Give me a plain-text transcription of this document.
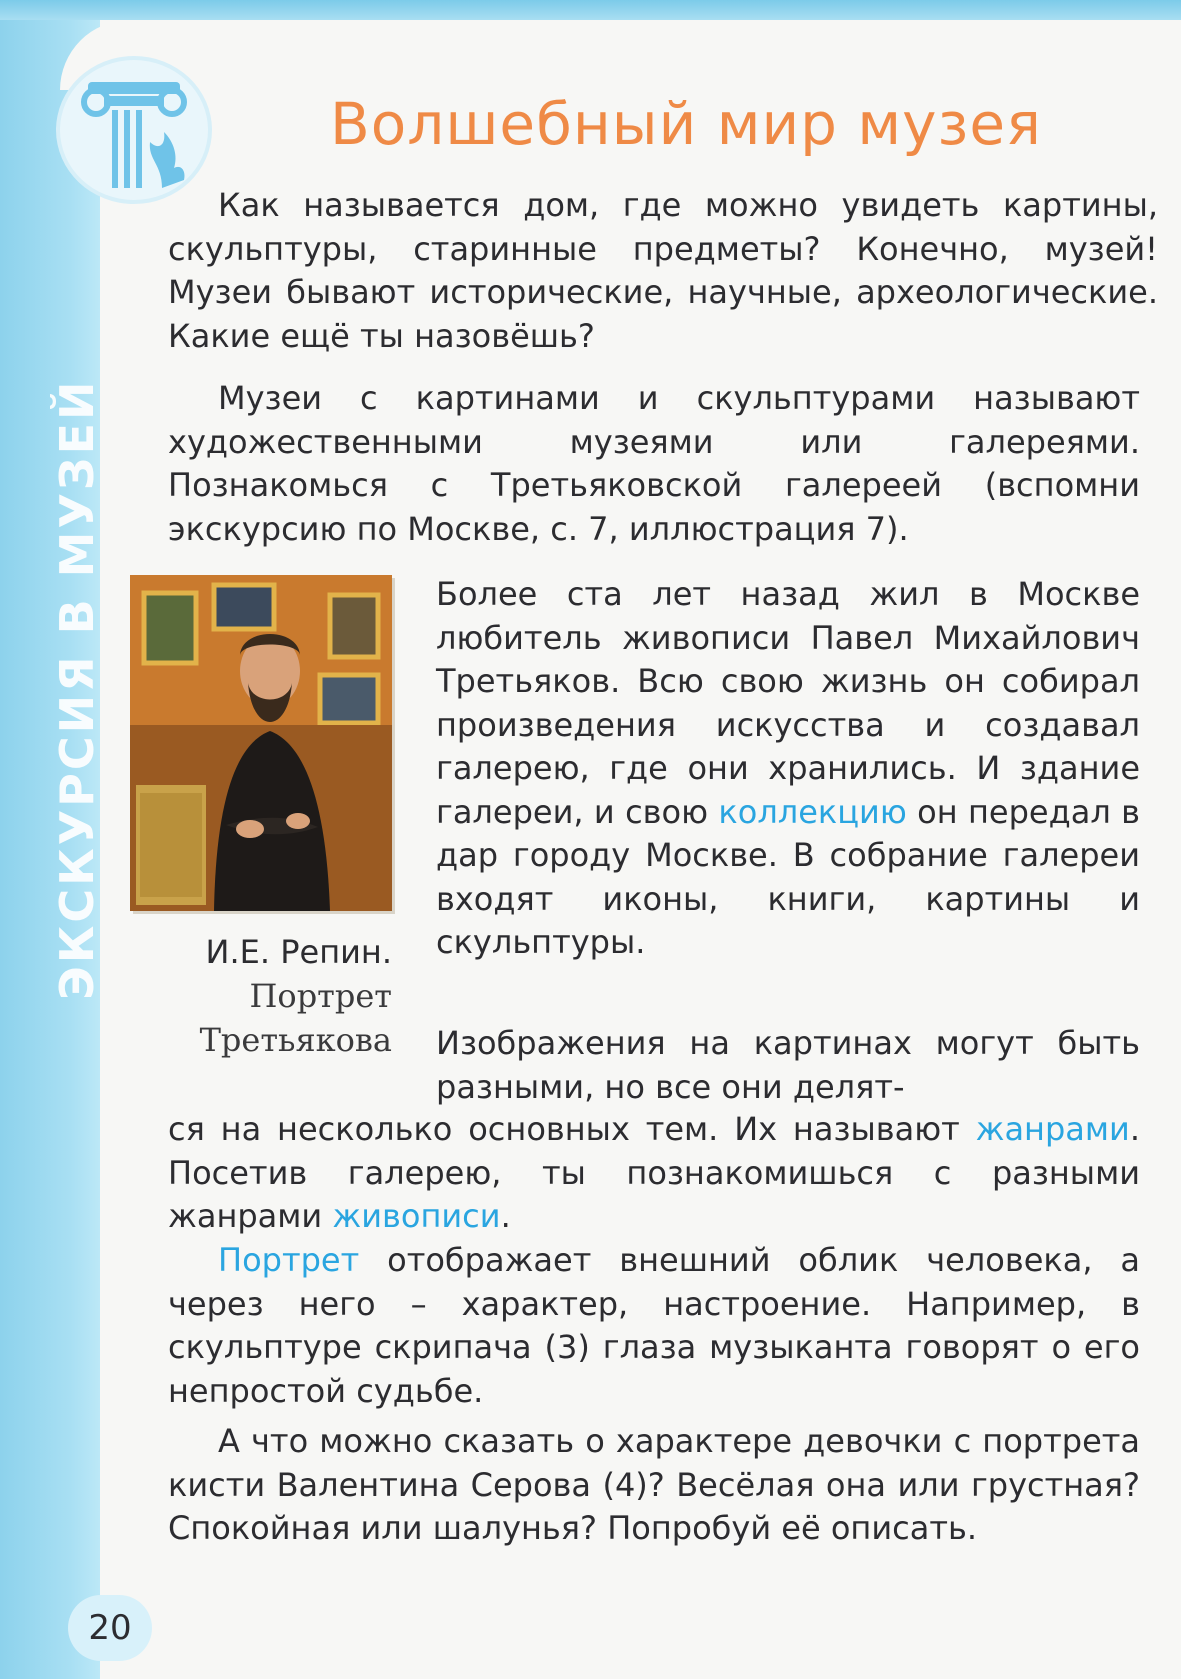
ЭКСКУРСИЯ В МУЗЕЙ
Волшебный мир музея

Как называется дом, где можно увидеть картины, скульптуры, старинные предметы? Конечно, музей! Музеи бывают исторические, научные, археологические. Какие ещё ты назовёшь?

Музеи с картинами и скульптурами называют художественными музеями или галереями. Познакомься с Третьяковской галереей (вспомни экскурсию по Москве, с. 7, иллюстрация 7).

Более ста лет назад жил в Москве любитель живописи Павел Михайлович Третьяков. Всю свою жизнь он собирал произведения искусства и создавал галерею, где они хранились. И здание галереи, и свою коллекцию он передал в дар городу Москве. В собрание галереи входят иконы, книги, картины и скульптуры.

И.Е. Репин.
Портрет
Третьякова Изображения на картинах могут быть разными, но все они делят-

ся на несколько основных тем. Их называют жанрами. Посетив галерею, ты познакомишься с разными жанрами живописи.

Портрет отображает внешний облик человека, а через него – характер, настроение. Например, в скульптуре скрипача (3) глаза музыканта говорят о его непростой судьбе.

А что можно сказать о характере девочки с портрета кисти Валентина Серова (4)? Весёлая она или грустная? Спокойная или шалунья? Попробуй её описать.

20
